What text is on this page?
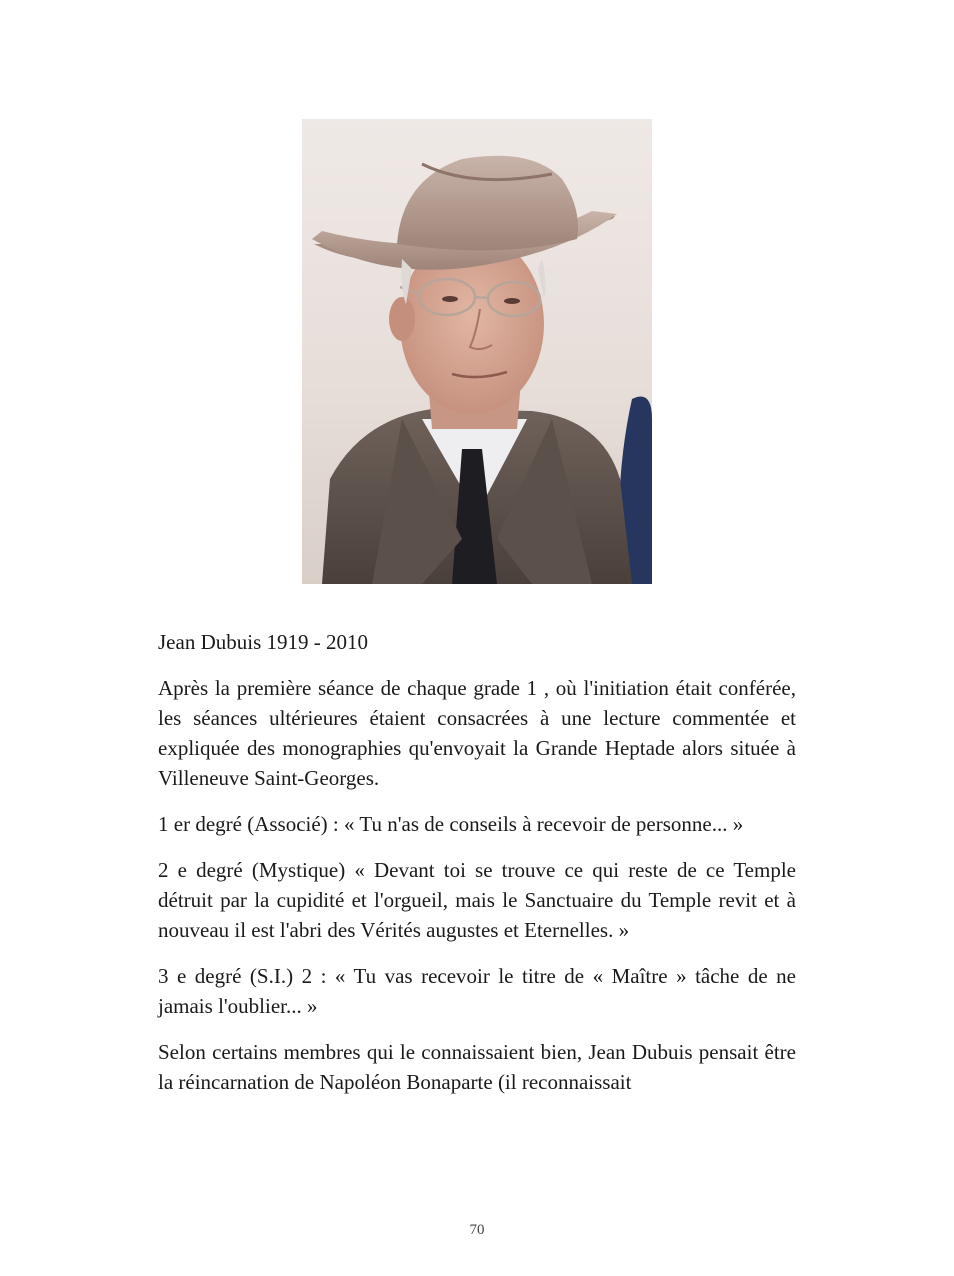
Jean Dubuis 1919 - 2010

Après la première séance de chaque grade 1 , où l'initiation était conférée, les séances ultérieures étaient consacrées à une lecture commentée et expliquée des monographies qu'envoyait la Grande Heptade alors située à Villeneuve Saint-Georges.

1 er degré (Associé) : « Tu n'as de conseils à recevoir de personne... »

2 e degré (Mystique) « Devant toi se trouve ce qui reste de ce Temple détruit par la cupidité et l'orgueil, mais le Sanctuaire du Temple revit et à nouveau il est l'abri des Vérités augustes et Eternelles. »

3 e degré (S.I.) 2 : « Tu vas recevoir le titre de « Maître » tâche de ne jamais l'oublier... »

Selon certains membres qui le connaissaient bien, Jean Dubuis pensait être la réincarnation de Napoléon Bonaparte (il reconnaissait

70
